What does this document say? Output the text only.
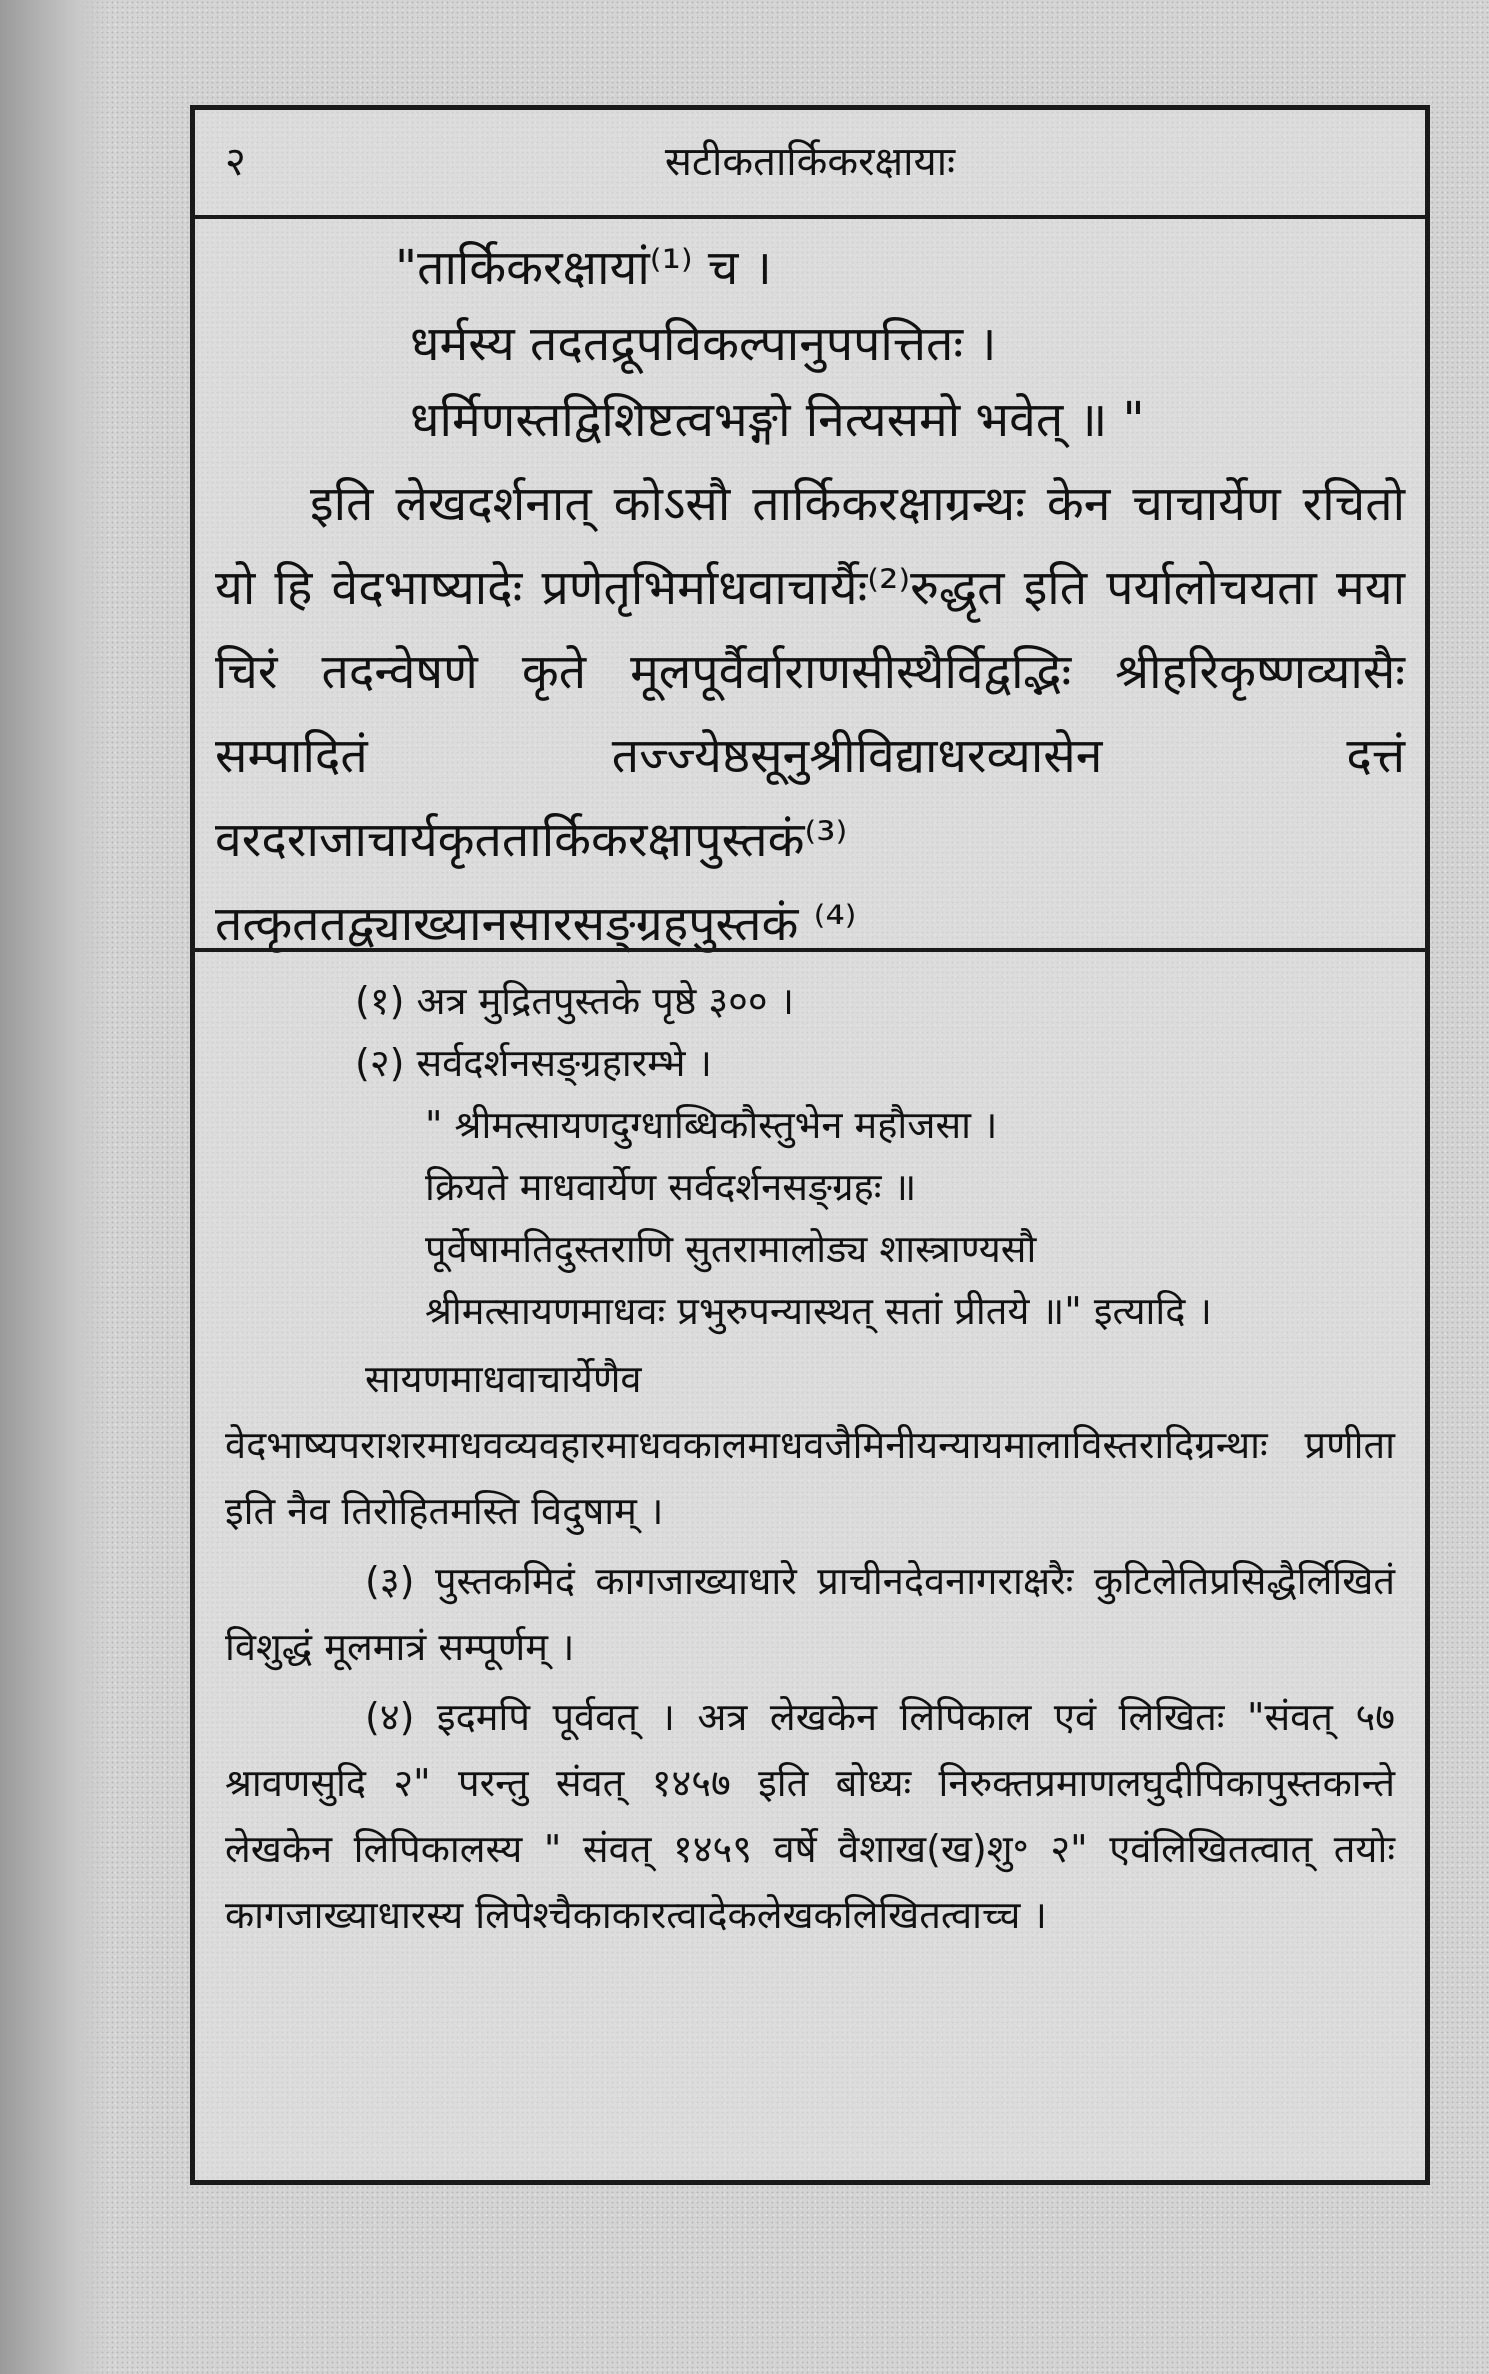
२	सटीकतार्किकरक्षायाः
"तार्किकरक्षायां⁽¹⁾ च ।
धर्मस्य तदतद्रूपविकल्पानुपपत्तितः ।
धर्मिणस्तद्विशिष्टत्वभङ्गो नित्यसमो भवेत् ॥ "
इति लेखदर्शनात् कोऽसौ तार्किकरक्षाग्रन्थः केन चाचार्येण रचितो यो हि वेदभाष्यादेः प्रणेतृभिर्माधवाचार्यैः⁽²⁾रुद्धृत इति पर्यालोचयता मया चिरं तदन्वेषणे कृते मूलपूर्वैर्वाराणसीस्थैर्विद्वद्भिः श्रीहरिकृष्णव्यासैः सम्पादितं तज्ज्येष्ठसूनुश्रीविद्याधरव्यासेन दत्तं वरदराजाचार्यकृततार्किकरक्षापुस्तकं⁽³⁾ तत्कृततद्व्याख्यानसारसङ्ग्रहपुस्तकं ⁽⁴⁾
(१) अत्र मुद्रितपुस्तके पृष्ठे ३०० ।
(२) सर्वदर्शनसङ्ग्रहारम्भे ।
" श्रीमत्सायणदुग्धाब्धिकौस्तुभेन महौजसा ।
क्रियते माधवार्येण सर्वदर्शनसङ्ग्रहः ॥
पूर्वेषामतिदुस्तराणि सुतरामालोड्य शास्त्राण्यसौ
श्रीमत्सायणमाधवः प्रभुरुपन्यास्थत् सतां प्रीतये ॥" इत्यादि ।
सायणमाधवाचार्येणैव वेदभाष्यपराशरमाधवव्यवहारमाधवकालमाधवजैमिनीयन्यायमालाविस्तरादिग्रन्थाः प्रणीता इति नैव तिरोहितमस्ति विदुषाम् ।
(३) पुस्तकमिदं कागजाख्याधारे प्राचीनदेवनागराक्षरैः कुटिलेतिप्रसिद्धैर्लिखितं विशुद्धं मूलमात्रं सम्पूर्णम् ।
(४) इदमपि पूर्ववत् । अत्र लेखकेन लिपिकाल एवं लिखितः "संवत् ५७ श्रावणसुदि २" परन्तु संवत् १४५७ इति बोध्यः निरुक्तप्रमाणलघुदीपिकापुस्तकान्ते लेखकेन लिपिकालस्य " संवत् १४५९ वर्षे वैशाख(ख)शु॰ २" एवंलिखितत्वात् तयोः कागजाख्याधारस्य लिपेश्चैकाकारत्वादेकलेखकलिखितत्वाच्च ।
